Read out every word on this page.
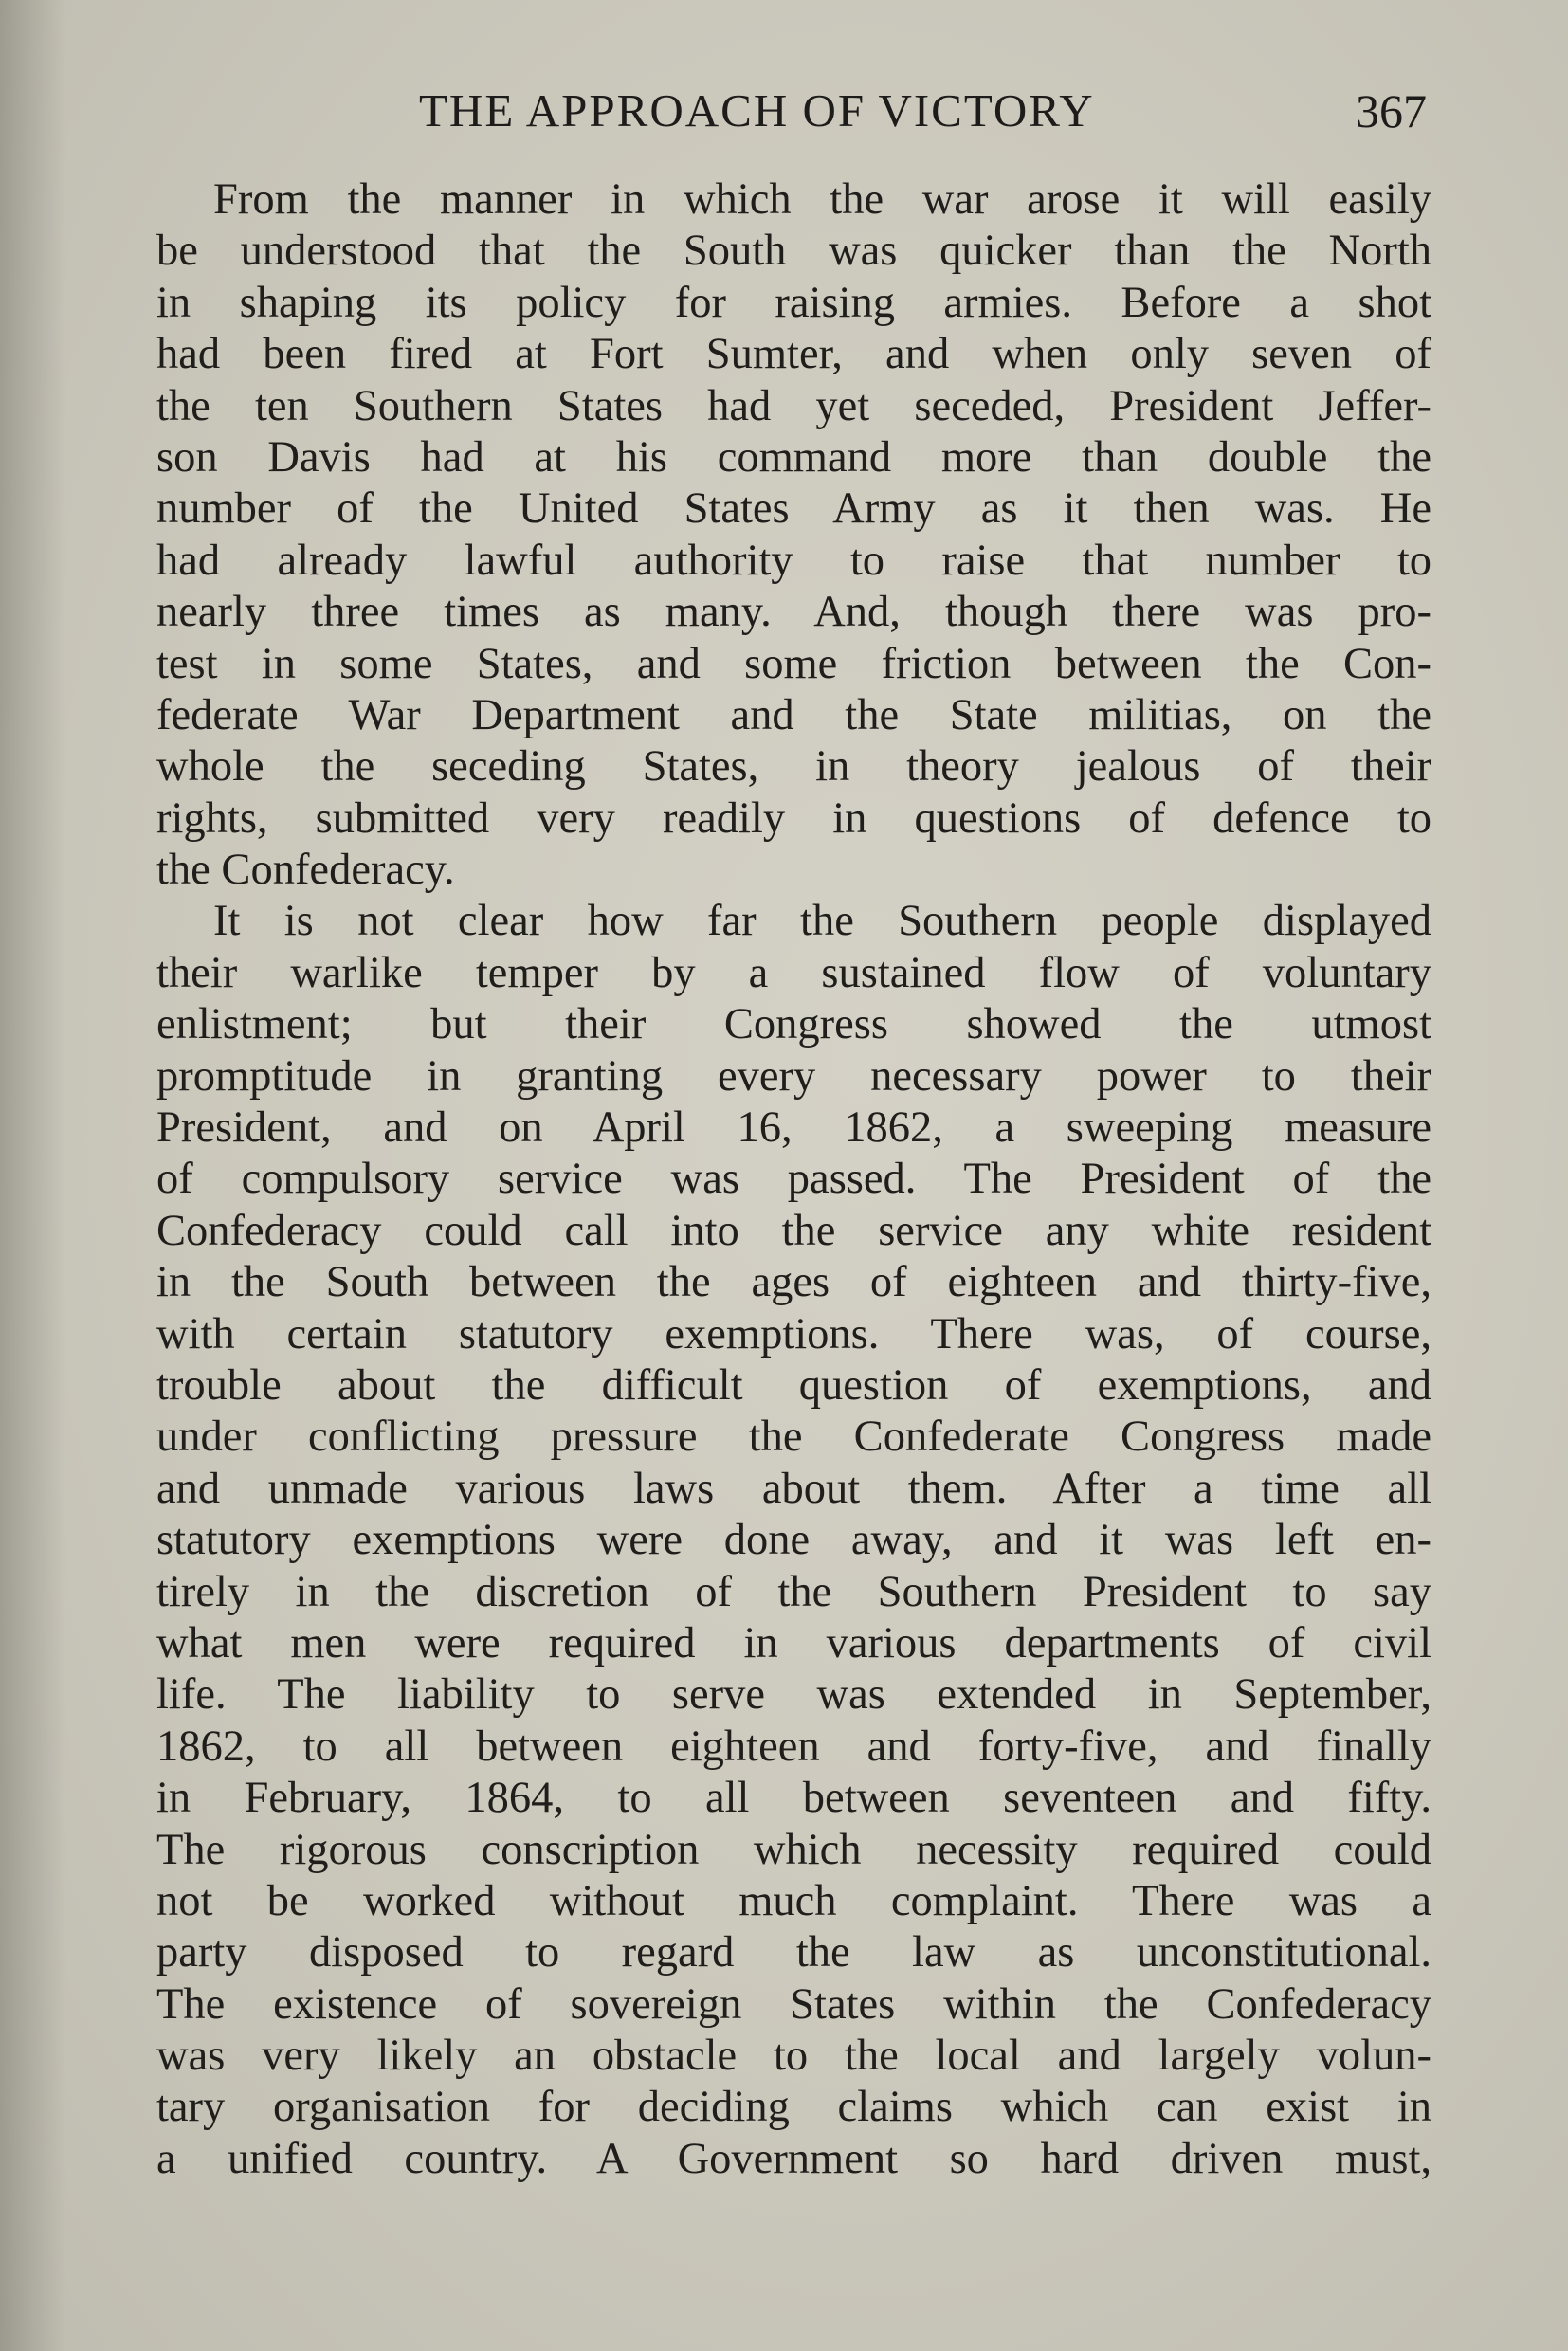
THE APPROACH OF VICTORY	367
From the manner in which the war arose it will easily
be understood that the South was quicker than the North
in shaping its policy for raising armies. Before a shot
had been fired at Fort Sumter, and when only seven of
the ten Southern States had yet seceded, President Jeffer-
son Davis had at his command more than double the
number of the United States Army as it then was. He
had already lawful authority to raise that number to
nearly three times as many. And, though there was pro-
test in some States, and some friction between the Con-
federate War Department and the State militias, on the
whole the seceding States, in theory jealous of their
rights, submitted very readily in questions of defence to
the Confederacy.
It is not clear how far the Southern people displayed
their warlike temper by a sustained flow of voluntary
enlistment; but their Congress showed the utmost
promptitude in granting every necessary power to their
President, and on April 16, 1862, a sweeping measure
of compulsory service was passed. The President of the
Confederacy could call into the service any white resident
in the South between the ages of eighteen and thirty-five,
with certain statutory exemptions. There was, of course,
trouble about the difficult question of exemptions, and
under conflicting pressure the Confederate Congress made
and unmade various laws about them. After a time all
statutory exemptions were done away, and it was left en-
tirely in the discretion of the Southern President to say
what men were required in various departments of civil
life. The liability to serve was extended in September,
1862, to all between eighteen and forty-five, and finally
in February, 1864, to all between seventeen and fifty.
The rigorous conscription which necessity required could
not be worked without much complaint. There was a
party disposed to regard the law as unconstitutional.
The existence of sovereign States within the Confederacy
was very likely an obstacle to the local and largely volun-
tary organisation for deciding claims which can exist in
a unified country. A Government so hard driven must,
